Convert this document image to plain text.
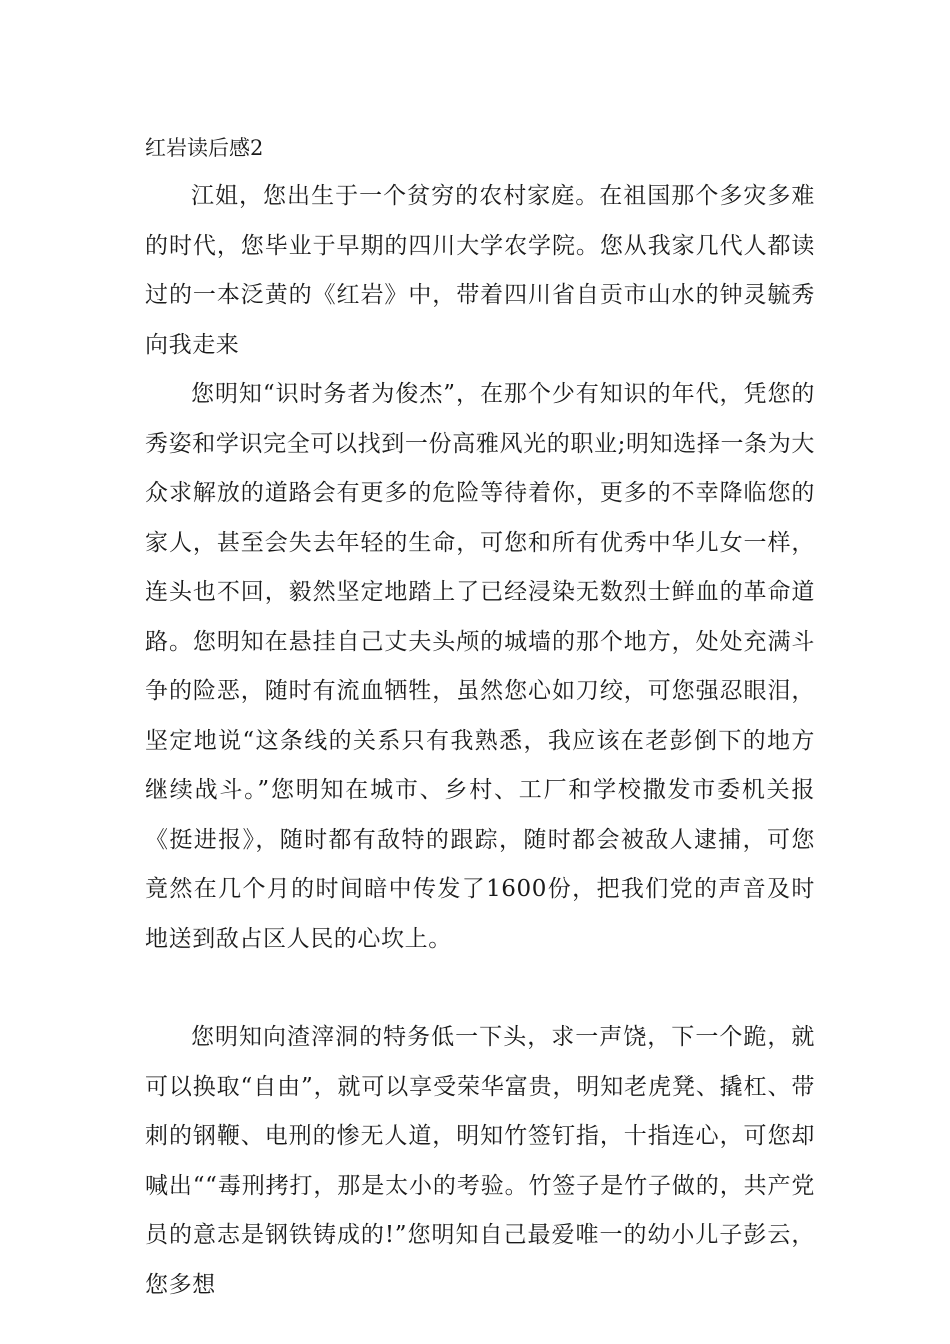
红岩读后感2

江姐，您出生于一个贫穷的农村家庭。在祖国那个多灾多难的时代，您毕业于早期的四川大学农学院。您从我家几代人都读过的一本泛黄的《红岩》中，带着四川省自贡市山水的钟灵毓秀向我走来

您明知“识时务者为俊杰”，在那个少有知识的年代，凭您的秀姿和学识完全可以找到一份高雅风光的职业;明知选择一条为大众求解放的道路会有更多的危险等待着你，更多的不幸降临您的家人，甚至会失去年轻的生命，可您和所有优秀中华儿女一样，连头也不回，毅然坚定地踏上了已经浸染无数烈士鲜血的革命道路。您明知在悬挂自己丈夫头颅的城墙的那个地方，处处充满斗争的险恶，随时有流血牺牲，虽然您心如刀绞，可您强忍眼泪，坚定地说“这条线的关系只有我熟悉，我应该在老彭倒下的地方继续战斗。”您明知在城市、乡村、工厂和学校撒发市委机关报《挺进报》，随时都有敌特的跟踪，随时都会被敌人逮捕，可您竟然在几个月的时间暗中传发了1600份，把我们党的声音及时地送到敌占区人民的心坎上。

您明知向渣滓洞的特务低一下头，求一声饶，下一个跪，就可以换取“自由”，就可以享受荣华富贵，明知老虎凳、撬杠、带刺的钢鞭、电刑的惨无人道，明知竹签钉指，十指连心，可您却喊出““毒刑拷打，那是太小的考验。竹签子是竹子做的，共产党员的意志是钢铁铸成的!”您明知自己最爱唯一的幼小儿子彭云，您多想
